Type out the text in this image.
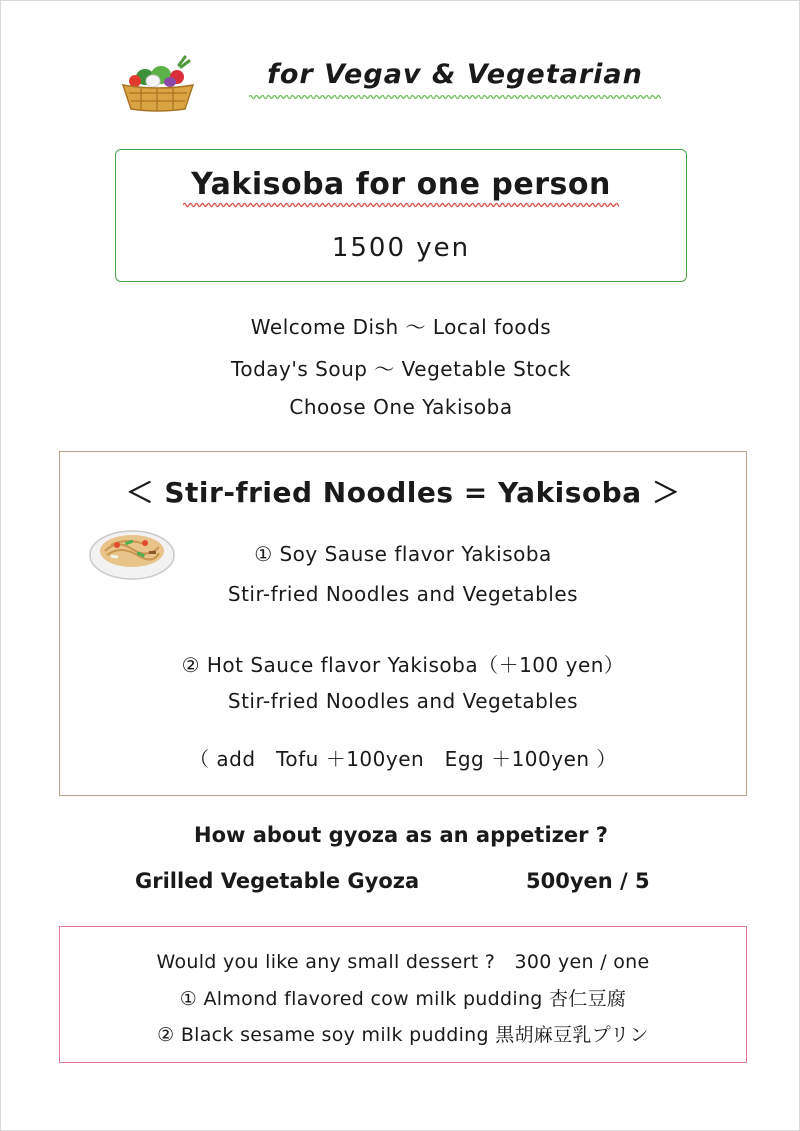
for Vegav & Vegetarian
Yakisoba for one person
1500 yen
Welcome Dish ～ Local foods
Today's Soup ～ Vegetable Stock
Choose One Yakisoba
＜ Stir-fried Noodles = Yakisoba ＞
① Soy Sause flavor Yakisoba
Stir-fried Noodles and Vegetables
② Hot Sauce flavor Yakisoba（＋100 yen）
Stir-fried Noodles and Vegetables
（ add　Tofu ＋100yen　Egg ＋100yen ）
How about gyoza as an appetizer ?
Grilled Vegetable Gyoza	500yen / 5
Would you like any small dessert ?　300 yen / one
① Almond flavored cow milk pudding 杏仁豆腐
② Black sesame soy milk pudding 黒胡麻豆乳プリン
